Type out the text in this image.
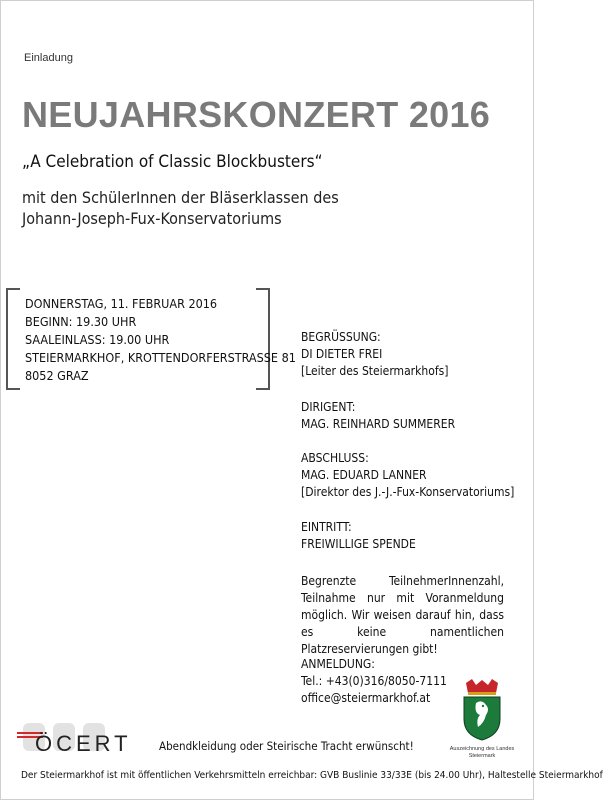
Einladung
NEUJAHRSKONZERT 2016
„A Celebration of Classic Blockbusters“
mit den SchülerInnen der Bläserklassen des
Johann-Joseph-Fux-Konservatoriums
DONNERSTAG, 11. FEBRUAR 2016
BEGINN: 19.30 UHR
SAALEINLASS: 19.00 UHR
STEIERMARKHOF, KROTTENDORFERSTRASSE 81
8052 GRAZ
BEGRÜSSUNG:
DI DIETER FREI
[Leiter des Steiermarkhofs]
DIRIGENT:
MAG. REINHARD SUMMERER
ABSCHLUSS:
MAG. EDUARD LANNER
[Direktor des J.-J.-Fux-Konservatoriums]
EINTRITT:
FREIWILLIGE SPENDE
Begrenzte TeilnehmerInnenzahl, Teilnahme nur mit Voranmeldung möglich. Wir weisen darauf hin, dass es keine namentlichen Platzreservierungen gibt!
ANMELDUNG:
Tel.: +43(0)316/8050-7111
office@steiermarkhof.at
ÖCERT Abendkleidung oder Steirische Tracht erwünscht!	Auszeichnung des Landes Steiermark
Der Steiermarkhof ist mit öffentlichen Verkehrsmitteln erreichbar: GVB Buslinie 33/33E (bis 24.00 Uhr), Haltestelle Steiermarkhof
